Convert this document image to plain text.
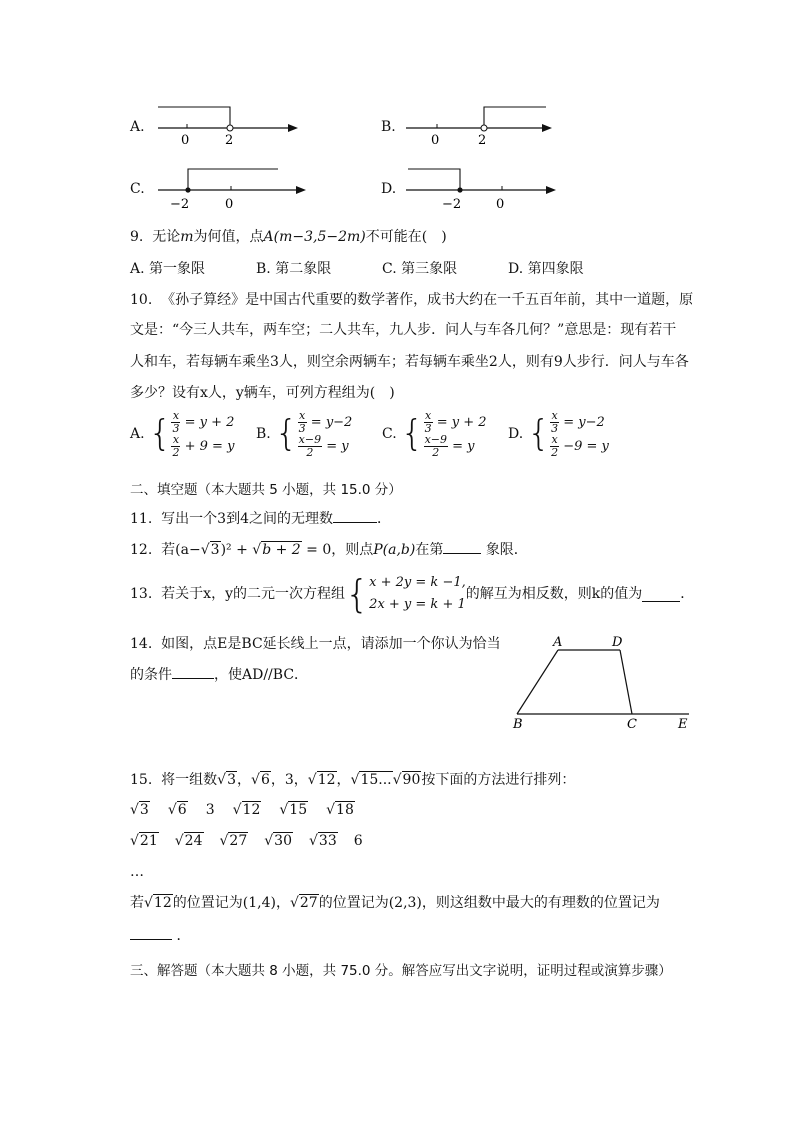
A.
0	2
B.
0	2
C.
−2	0
D.
−2	0
9. 无论m为何值，点A(m−3,5−2m)不可能在( )
A. 第一象限	B. 第二象限	C. 第三象限	D. 第四象限
10. 《孙子算经》是中国古代重要的数学著作，成书大约在一千五百年前，其中一道题，原
文是：“今三人共车，两车空；二人共车，九人步．问人与车各几何？”意思是：现有若干
人和车，若每辆车乘坐3人，则空余两辆车；若每辆车乘坐2人，则有9人步行．问人与车各
多少？设有x人，y辆车，可列方程组为( )
A. { $\frac{x}{3}$
= y + 2
$\frac{x}{2}$
+ 9 = y
B. { $\frac{x}{3}$
= y−2
$\frac{x-9}{2}$
= y
C. { $\frac{x}{3}$
= y + 2
$\frac{x-9}{2}$
= y
D. { $\frac{x}{3}$
= y−2
$\frac{x}{2}$
−9 = y
二、填空题（本大题共 5 小题，共 15.0 分）
11. 写出一个3到4之间的无理数	．
12. 若(a−√3)² + √b + 2 = 0，则点P(a,b)在第	象限．
13.
若关于x，y的二元一次方程组 { x + 2y = k −1,
2x + y = k + 1
的解互为相反数，则k的值为	．
14. 如图，点E是BC延长线上一点，请添加一个你认为恰当
的条件	，使AD//BC．
A	D
B	C	E
15. 将一组数√3，√6，3，√12，√15...√90按下面的方法进行排列：
√3 √6 3 √12 √15 √18
√21 √24 √27 √30 √33 6
…
若√12的位置记为(1,4)，√27的位置记为(2,3)，则这组数中最大的有理数的位置记为
．
三、解答题（本大题共 8 小题，共 75.0 分。解答应写出文字说明，证明过程或演算步骤）
